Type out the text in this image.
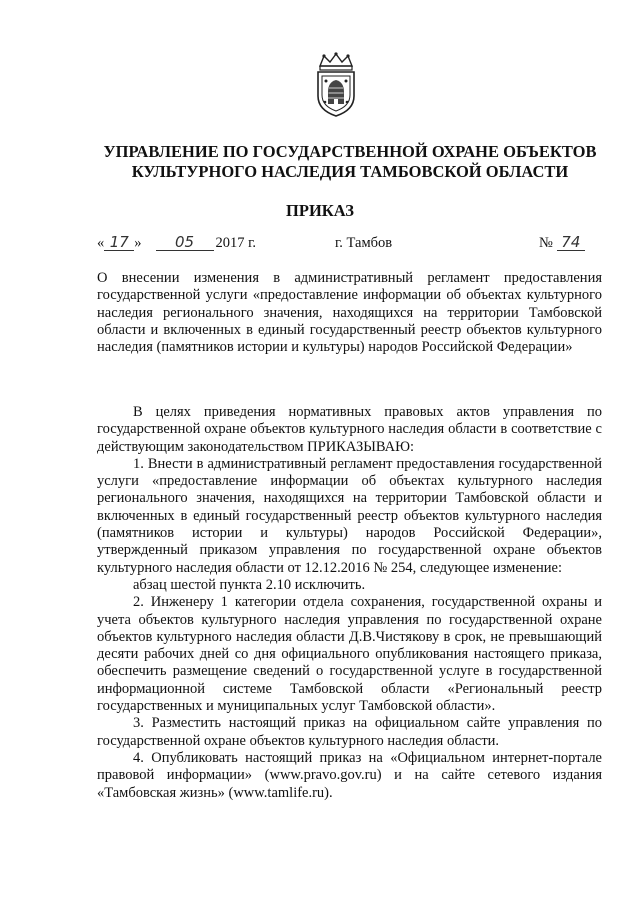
УПРАВЛЕНИЕ ПО ГОСУДАРСТВЕННОЙ ОХРАНЕ ОБЪЕКТОВ
КУЛЬТУРНОГО НАСЛЕДИЯ ТАМБОВСКОЙ ОБЛАСТИ
ПРИКАЗ
« 17 » 05 2017 г.	г. Тамбов	№ 74

О внесении изменения в административный регламент предоставления государственной услуги «предоставление информации об объектах культурного наследия регионального значения, находящихся на территории Тамбовской области и включенных в единый государственный реестр объектов культурного наследия (памятников истории и культуры) народов Российской Федерации»

В целях приведения нормативных правовых актов управления по государственной охране объектов культурного наследия области в соответствие с действующим законодательством ПРИКАЗЫВАЮ:

1. Внести в административный регламент предоставления государственной услуги «предоставление информации об объектах культурного наследия регионального значения, находящихся на территории Тамбовской области и включенных в единый государственный реестр объектов культурного наследия (памятников истории и культуры) народов Российской Федерации», утвержденный приказом управления по государственной охране объектов культурного наследия области от 12.12.2016 № 254, следующее изменение:

абзац шестой пункта 2.10 исключить.

2. Инженеру 1 категории отдела сохранения, государственной охраны и учета объектов культурного наследия управления по государственной охране объектов культурного наследия области Д.В.Чистякову в срок, не превышающий десяти рабочих дней со дня официального опубликования настоящего приказа, обеспечить размещение сведений о государственной услуге в государственной информационной системе Тамбовской области «Региональный реестр государственных и муниципальных услуг Тамбовской области».

3. Разместить настоящий приказ на официальном сайте управления по государственной охране объектов культурного наследия области.

4. Опубликовать настоящий приказ на «Официальном интернет-портале правовой информации» (www.pravo.gov.ru) и на сайте сетевого издания «Тамбовская жизнь» (www.tamlife.ru).
